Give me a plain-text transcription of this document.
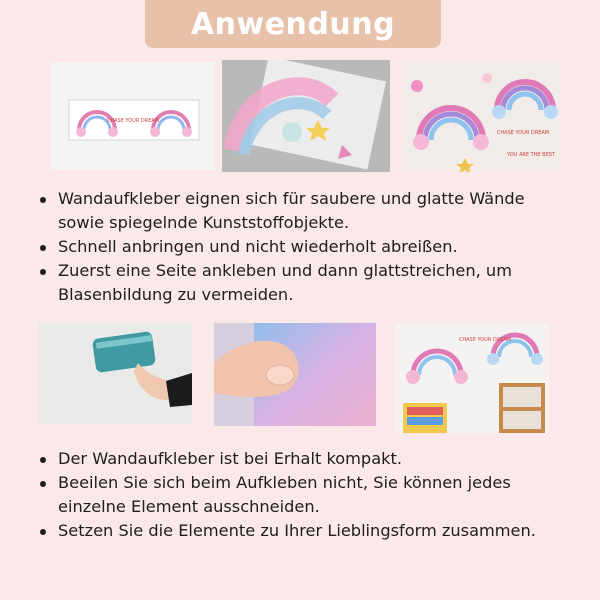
Anwendung
CHASE YOUR DREAM
CHASE YOUR DREAM
YOU ARE THE BEST
Wandaufkleber eignen sich für saubere und glatte Wände sowie spiegelnde Kunststoffobjekte.
Schnell anbringen und nicht wiederholt abreißen.
Zuerst eine Seite ankleben und dann glattstreichen, um Blasenbildung zu vermeiden.
CHASE YOUR DREAM
Der Wandaufkleber ist bei Erhalt kompakt.
Beeilen Sie sich beim Aufkleben nicht, Sie können jedes einzelne Element ausschneiden.
Setzen Sie die Elemente zu Ihrer Lieblingsform zusammen.
